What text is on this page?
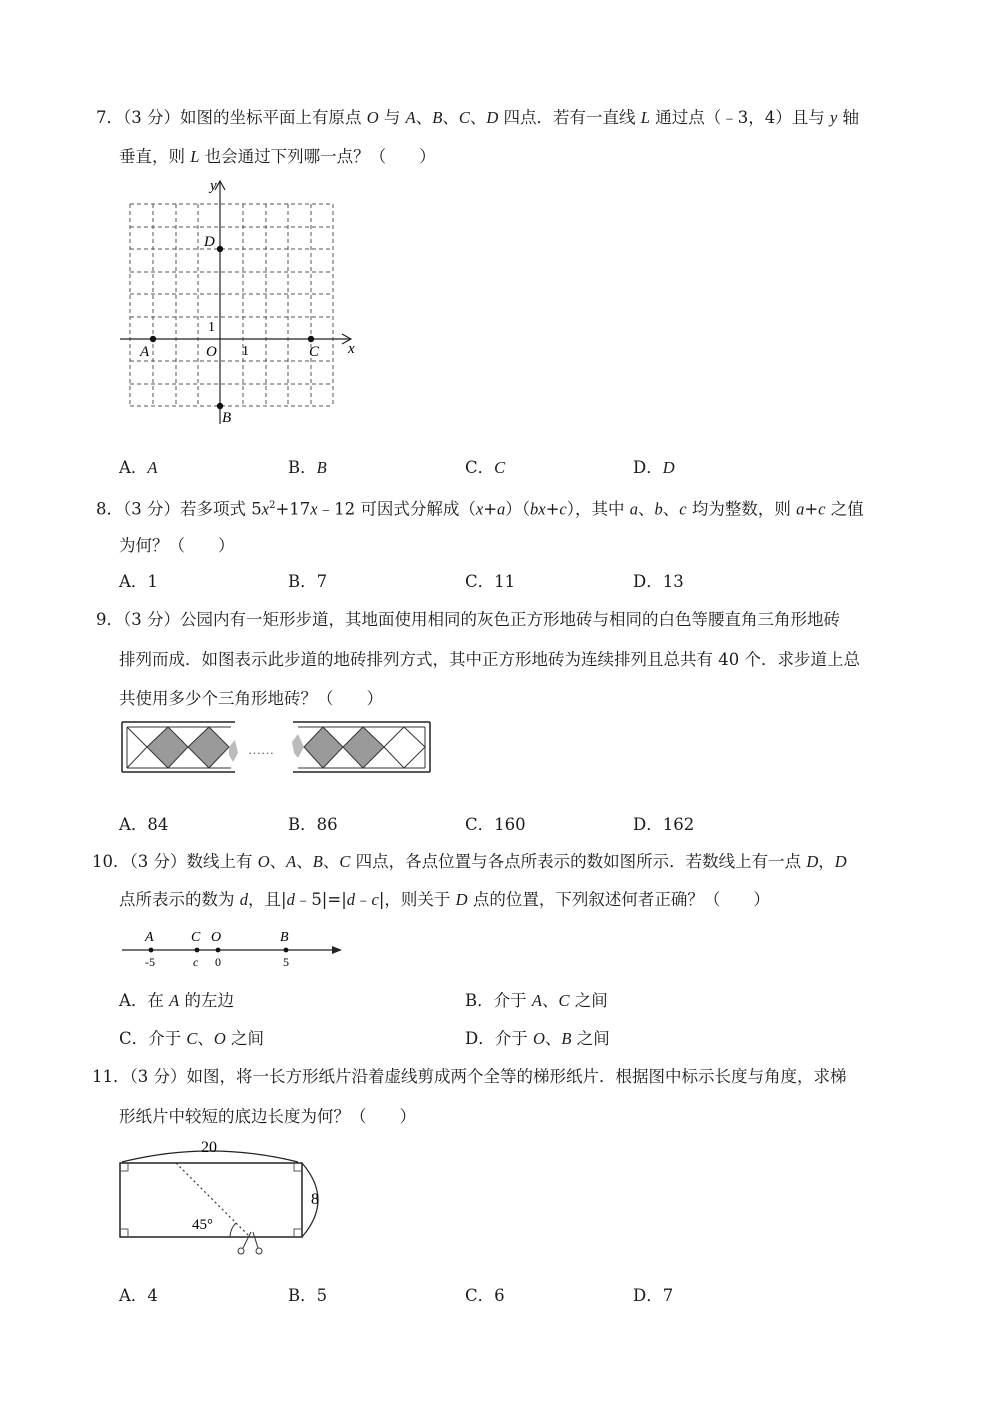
7．（3 分）如图的坐标平面上有原点 O 与 A、B、C、D 四点．若有一直线 L 通过点（﹣3，4）且与 y 轴
垂直，则 L 也会通过下列哪一点？（　　）
y
x
D
1
O 1
A	C
B
A．A	B．B	C．C	D．D
8．（3 分）若多项式 $5x^2+17x﹣12$ 可因式分解成（x+a）（bx+c），其中 a、b、c 均为整数，则 a+c 之值
为何？（　　）
A．1	B．7	C．11	D．13
9．（3 分）公园内有一矩形步道，其地面使用相同的灰色正方形地砖与相同的白色等腰直角三角形地砖
排列而成．如图表示此步道的地砖排列方式，其中正方形地砖为连续排列且总共有 40 个．求步道上总
共使用多少个三角形地砖？（　　）
……
A．84	B．86	C．160	D．162
10．（3 分）数线上有 O、A、B、C 四点，各点位置与各点所表示的数如图所示．若数线上有一点 D，D
点所表示的数为 d，且|d﹣5|=|d﹣c|，则关于 D 点的位置，下列叙述何者正确？（　　）
A	C O	B
-5	c 0	5
A．在 A 的左边	B．介于 A、C 之间
C．介于 C、O 之间	D．介于 O、B 之间
11．（3 分）如图，将一长方形纸片沿着虚线剪成两个全等的梯形纸片．根据图中标示长度与角度，求梯
形纸片中较短的底边长度为何？（　　）
20
8
45°
A．4	B．5	C．6	D．7
